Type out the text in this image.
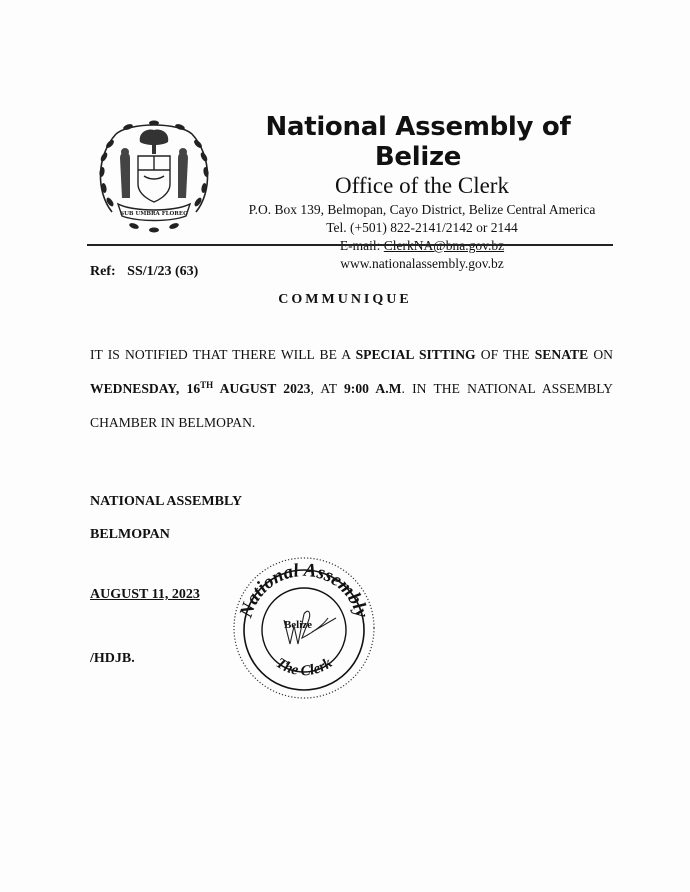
SUB UMBRA FLOREO
National Assembly of Belize
Office of the Clerk
P.O. Box 139, Belmopan, Cayo District, Belize Central America
Tel. (+501) 822-2141/2142 or 2144
E-mail: ClerkNA@bna.gov.bz
www.nationalassembly.gov.bz
Ref: SS/1/23 (63)
COMMUNIQUE
IT IS NOTIFIED THAT THERE WILL BE A SPECIAL SITTING OF THE SENATE ON WEDNESDAY, 16TH AUGUST 2023, AT 9:00 A.M. IN THE NATIONAL ASSEMBLY CHAMBER IN BELMOPAN.
NATIONAL ASSEMBLY
BELMOPAN
AUGUST 11, 2023
/HDJB.
National Assembly
Belize
The Clerk
